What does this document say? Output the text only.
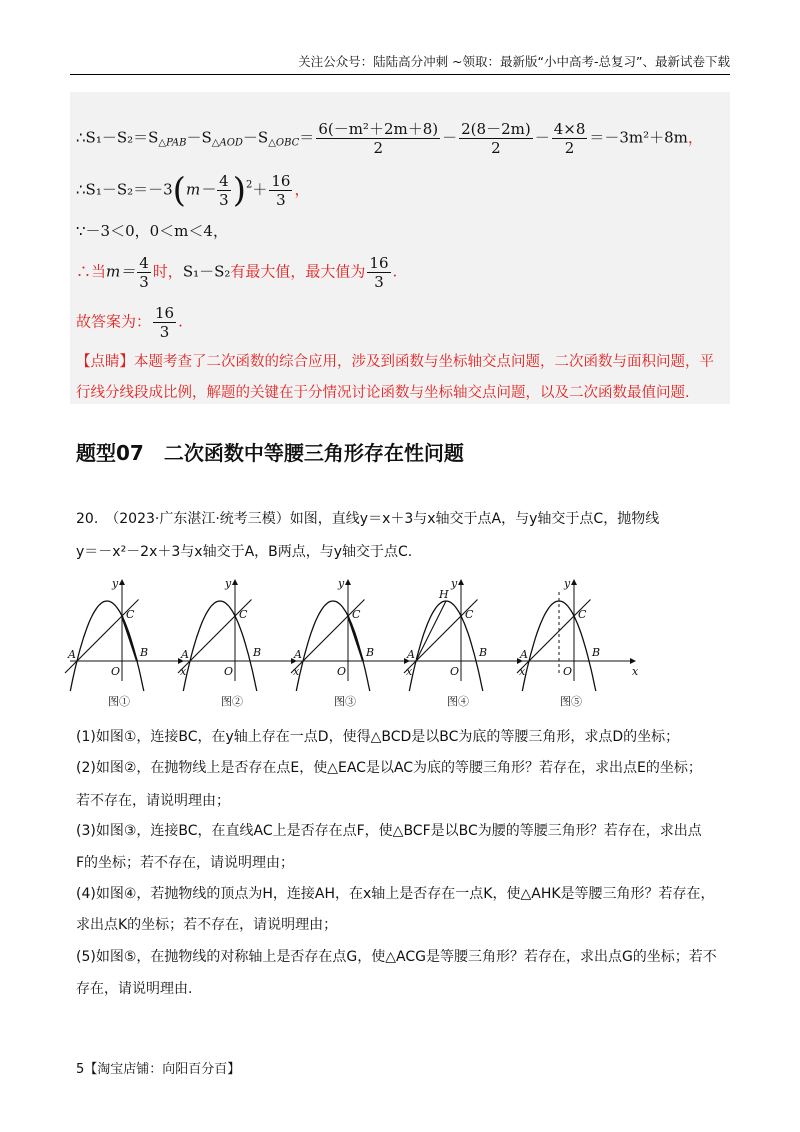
关注公众号：陆陆高分冲刺 ~领取：最新版“小中高考-总复习”、最新试卷下载
$\therefore S_1-S_2=S_{\triangle PAB}-S_{\triangle AOD}-S_{\triangle OBC}= \frac{\text{6(－m²＋2m＋8)}}{2} - \frac{2(8-2m)}{2} - \frac{4\times 8}{2} =-3m^2+8m$，
∴S₁－S₂＝－3(m－ $\frac{4}{3} )^2+ \frac{16}{3}$ ，
∵－3＜0，0＜m＜4，
∴当$m= \frac{4}{3}$ 时，S₁－S₂有最大值，最大值为 $\frac{16}{3}$ .
故答案为： $\frac{16}{3}$ .
【点睛】本题考查了二次函数的综合应用，涉及到函数与坐标轴交点问题，二次函数与面积问题，平行线分线段成比例，解题的关键在于分情况讨论函数与坐标轴交点问题，以及二次函数最值问题.
题型07　二次函数中等腰三角形存在性问题
20.　（2023·广东湛江·统考三模）如图，直线y＝x＋3与x轴交于点A，与y轴交于点C，抛物线
y＝－x²－2x＋3与x轴交于A，B两点，与y轴交于点C.
y
x
O
A	B
C
图①
y
x
O
A	B
C
图②
y
x
O
A	B
C
图③
H
y
x
O
A	B
C
图④
y
x
O
A	B
C
图⑤
(1)如图①，连接BC，在y轴上存在一点D，使得△BCD是以BC为底的等腰三角形，求点D的坐标；
(2)如图②，在抛物线上是否存在点E，使△EAC是以AC为底的等腰三角形？若存在，求出点E的坐标；
若不存在，请说明理由；
(3)如图③，连接BC，在直线AC上是否存在点F，使△BCF是以BC为腰的等腰三角形？若存在，求出点
F的坐标；若不存在，请说明理由；
(4)如图④，若抛物线的顶点为H，连接AH，在x轴上是否存在一点K，使△AHK是等腰三角形？若存在，
求出点K的坐标；若不存在，请说明理由；
(5)如图⑤，在抛物线的对称轴上是否存在点G，使△ACG是等腰三角形？若存在，求出点G的坐标；若不
存在，请说明理由.
5【淘宝店铺：向阳百分百】
